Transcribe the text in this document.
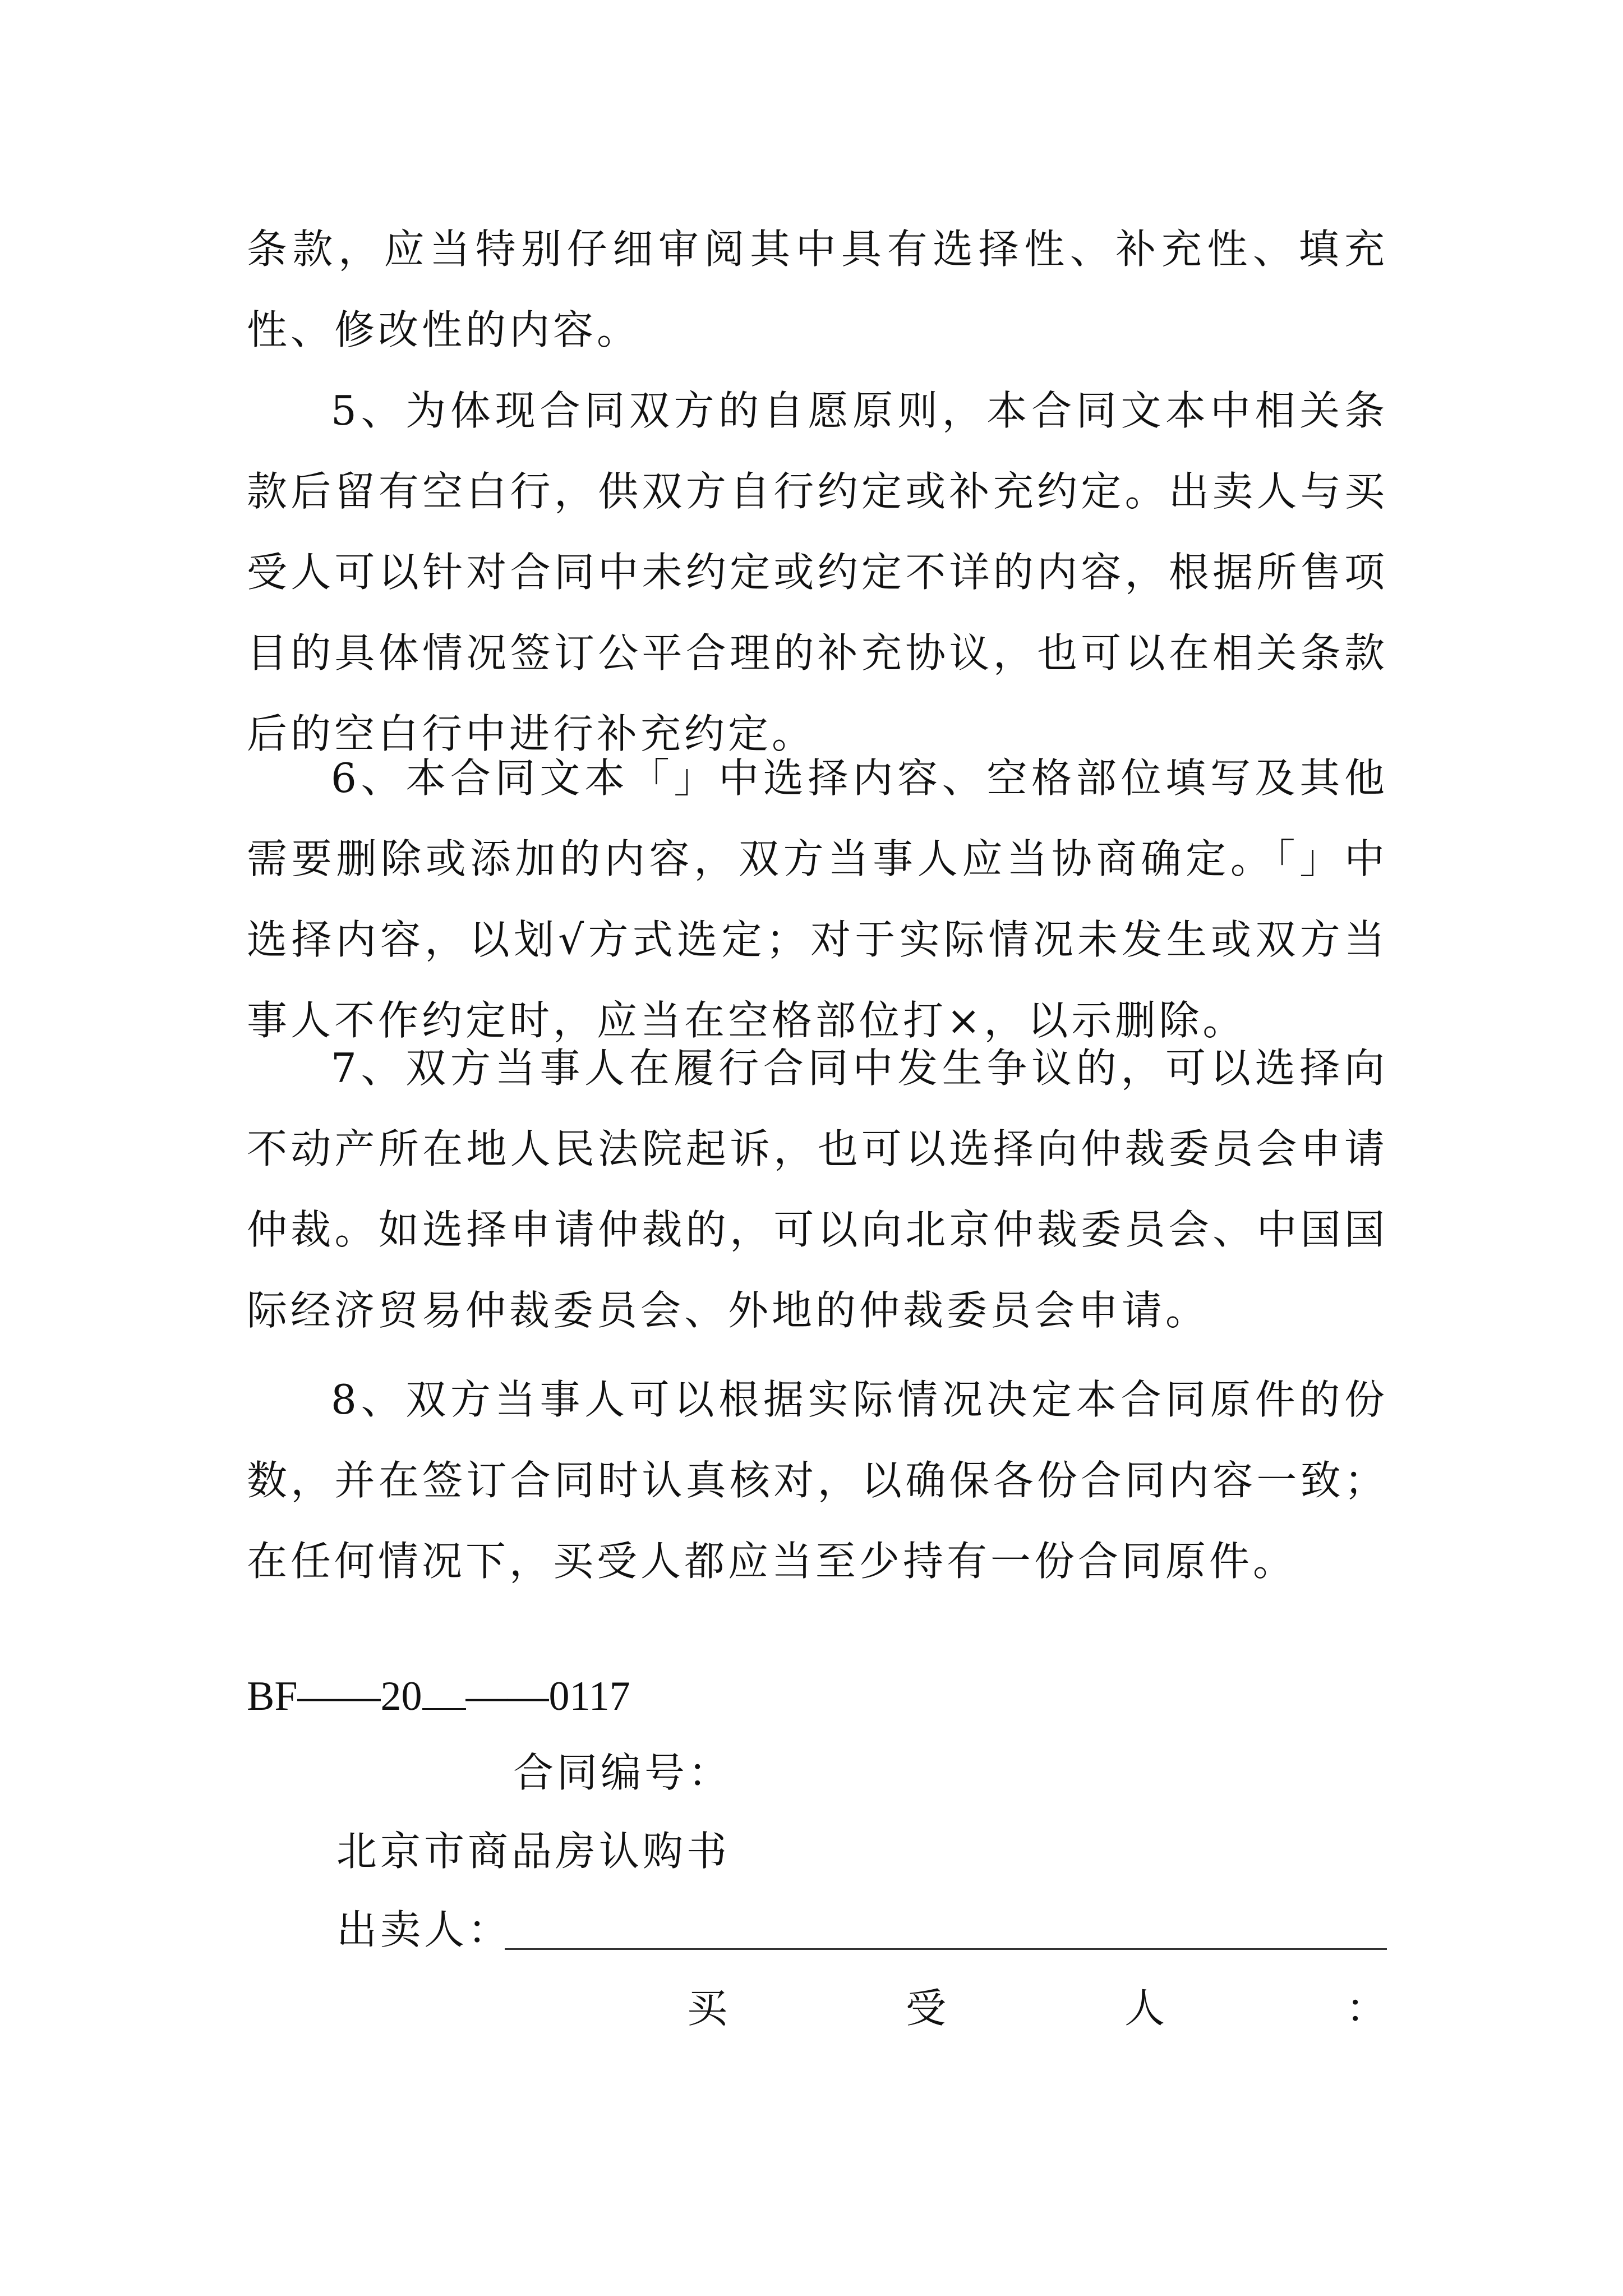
条款，应当特别仔细审阅其中具有选择性、补充性、填充性、修改性的内容。

5、为体现合同双方的自愿原则，本合同文本中相关条款后留有空白行，供双方自行约定或补充约定。出卖人与买受人可以针对合同中未约定或约定不详的内容，根据所售项目的具体情况签订公平合理的补充协议，也可以在相关条款后的空白行中进行补充约定。

6、本合同文本「」中选择内容、空格部位填写及其他需要删除或添加的内容，双方当事人应当协商确定。「」中选择内容，以划√方式选定；对于实际情况未发生或双方当事人不作约定时，应当在空格部位打×，以示删除。

7、双方当事人在履行合同中发生争议的，可以选择向不动产所在地人民法院起诉，也可以选择向仲裁委员会申请仲裁。如选择申请仲裁的，可以向北京仲裁委员会、中国国际经济贸易仲裁委员会、外地的仲裁委员会申请。

8、双方当事人可以根据实际情况决定本合同原件的份数，并在签订合同时认真核对，以确保各份合同内容一致；在任何情况下，买受人都应当至少持有一份合同原件。

BF——20 ——0117
合同编号：
北京市商品房认购书
出卖人：
买	受	人	：
